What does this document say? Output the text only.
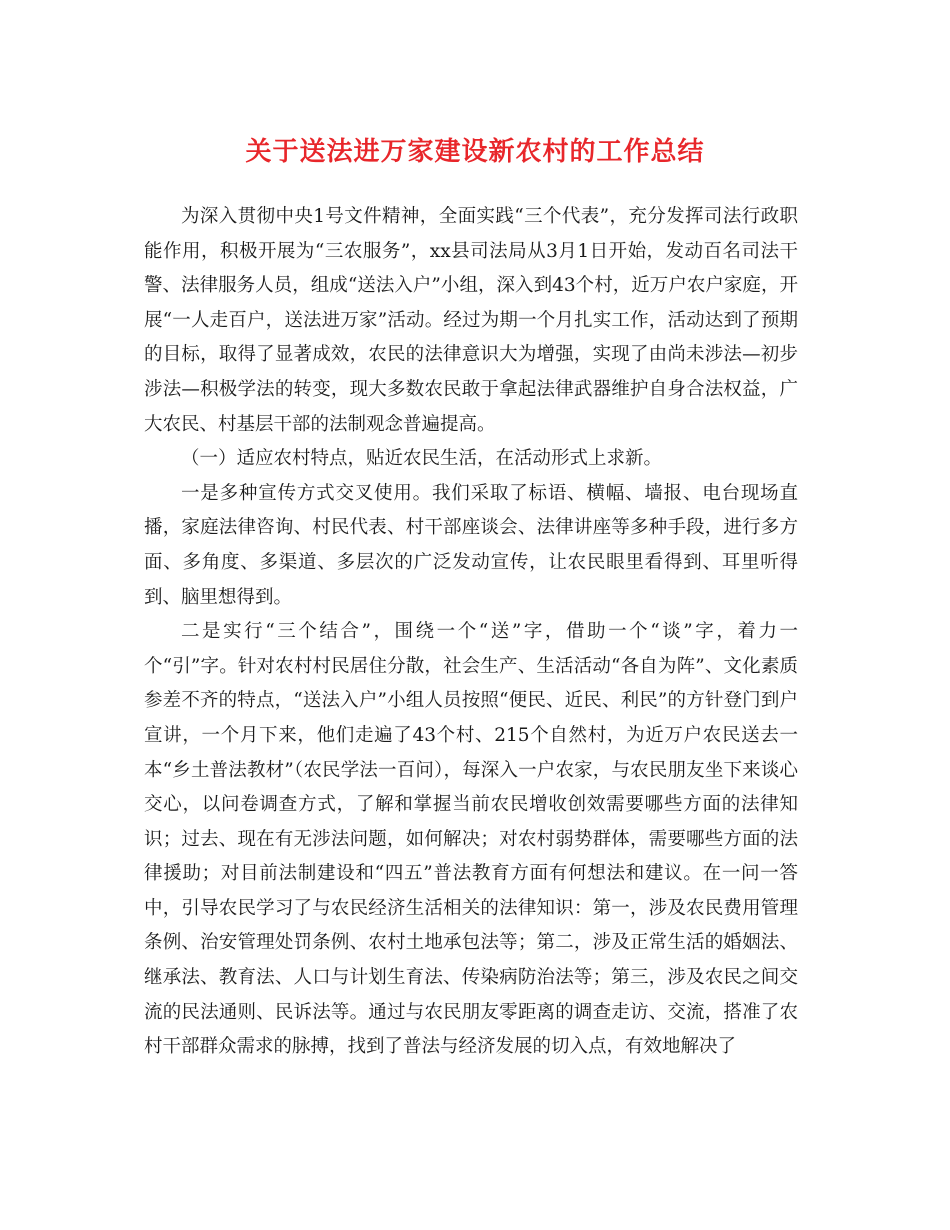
关于送法进万家建设新农村的工作总结

为深入贯彻中央1号文件精神，全面实践“三个代表”，充分发挥司法行政职能作用，积极开展为“三农服务”，xx县司法局从3月1日开始，发动百名司法干警、法律服务人员，组成“送法入户”小组，深入到43个村，近万户农户家庭，开展“一人走百户，送法进万家”活动。经过为期一个月扎实工作，活动达到了预期的目标，取得了显著成效，农民的法律意识大为增强，实现了由尚未涉法—初步涉法—积极学法的转变，现大多数农民敢于拿起法律武器维护自身合法权益，广大农民、村基层干部的法制观念普遍提高。

（一）适应农村特点，贴近农民生活，在活动形式上求新。

一是多种宣传方式交叉使用。我们采取了标语、横幅、墙报、电台现场直播，家庭法律咨询、村民代表、村干部座谈会、法律讲座等多种手段，进行多方面、多角度、多渠道、多层次的广泛发动宣传，让农民眼里看得到、耳里听得到、脑里想得到。

二是实行“三个结合”，围绕一个“送”字，借助一个“谈”字，着力一个“引”字。针对农村村民居住分散，社会生产、生活活动“各自为阵”、文化素质参差不齐的特点，“送法入户”小组人员按照“便民、近民、利民”的方针登门到户宣讲，一个月下来，他们走遍了43个村、215个自然村，为近万户农民送去一本“乡土普法教材”（农民学法一百问），每深入一户农家，与农民朋友坐下来谈心交心，以问卷调查方式，了解和掌握当前农民增收创效需要哪些方面的法律知识；过去、现在有无涉法问题，如何解决；对农村弱势群体，需要哪些方面的法律援助；对目前法制建设和“四五”普法教育方面有何想法和建议。在一问一答中，引导农民学习了与农民经济生活相关的法律知识：第一，涉及农民费用管理条例、治安管理处罚条例、农村土地承包法等；第二，涉及正常生活的婚姻法、继承法、教育法、人口与计划生育法、传染病防治法等；第三，涉及农民之间交流的民法通则、民诉法等。通过与农民朋友零距离的调查走访、交流，搭准了农村干部群众需求的脉搏，找到了普法与经济发展的切入点，有效地解决了
